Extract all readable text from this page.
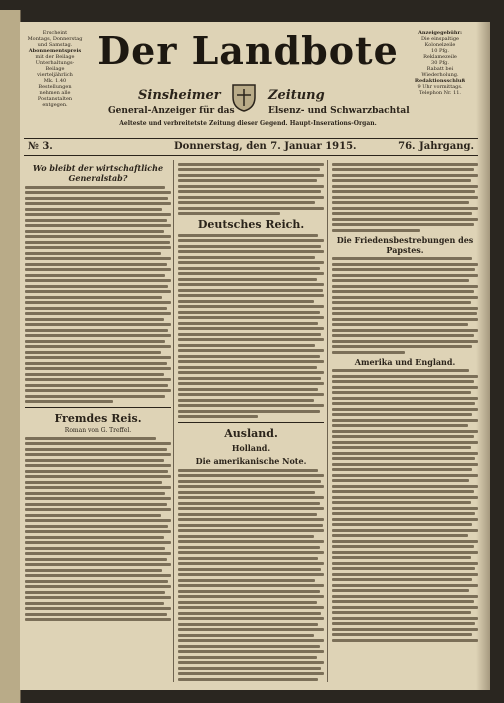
Erscheint
Montags, Donnerstag
und Samstag.
Abonnementspreis
mit der Beilage
Unterhaltungs-
Beilage
vierteljährlich
Mk. 1.40
Bestellungen
nehmen alle
Postanstalten
entgegen.
Der Landbote
Sinsheimer	Zeitung
General-Anzeiger für das	Elsenz- und Schwarzbachtal
Aelteste und verbreitetste Zeitung dieser Gegend. Haupt-Inserations-Organ.
Anzeigegebühr:
Die einspaltige
Kolonelzeile
10 Pfg.
Reklamezeile
30 Pfg.
Rabatt bei
Wiederholung.
Redaktionsschluß
9 Uhr vormittags.
Telephon Nr. 11.
№ 3.	Donnerstag, den 7. Januar 1915.	76. Jahrgang.
Wo bleibt der wirtschaftliche Generalstab?
Fremdes Reis.
Roman von G. Treffel.
Deutsches Reich.
Ausland.
Holland.
Die amerikanische Note.
Die Friedensbestrebungen des Papstes.
Amerika und England.
